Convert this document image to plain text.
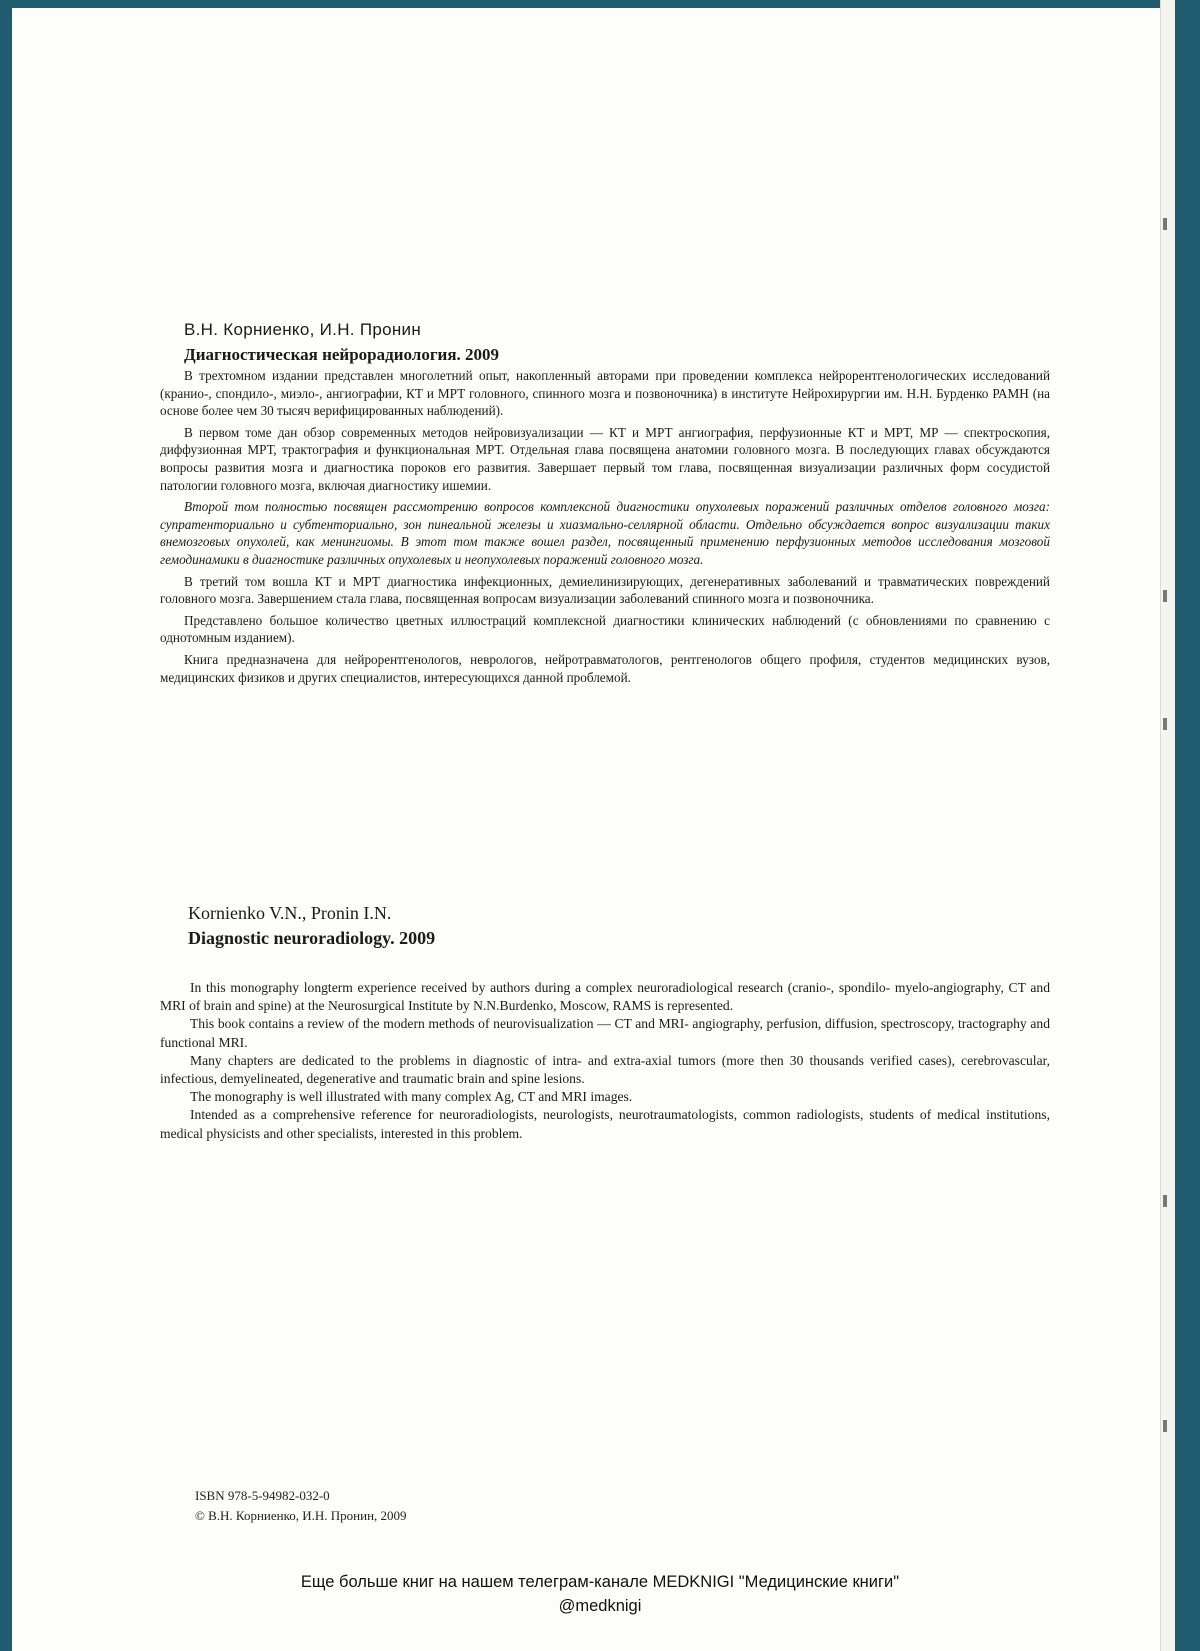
В.Н. Корниенко, И.Н. Пронин
Диагностическая нейрорадиология. 2009

В трехтомном издании представлен многолетний опыт, накопленный авторами при проведении комплекса нейрорентгенологических исследований (кранио-, спондило-, миэло-, ангиографии, КТ и МРТ головного, спинного мозга и позвоночника) в институте Нейрохирургии им. Н.Н. Бурденко РАМН (на основе более чем 30 тысяч верифицированных наблюдений).

В первом томе дан обзор современных методов нейровизуализации — КТ и МРТ ангиография, перфузионные КТ и МРТ, МР — спектроскопия, диффузионная МРТ, трактография и функциональная МРТ. Отдельная глава посвящена анатомии головного мозга. В последующих главах обсуждаются вопросы развития мозга и диагностика пороков его развития. Завершает первый том глава, посвященная визуализации различных форм сосудистой патологии головного мозга, включая диагностику ишемии.

Второй том полностью посвящен рассмотрению вопросов комплексной диагностики опухолевых поражений различных отделов головного мозга: супратенториально и субтенториально, зон пинеальной железы и хиазмально-селлярной области. Отдельно обсуждается вопрос визуализации таких внемозговых опухолей, как менингиомы. В этот том также вошел раздел, посвященный применению перфузионных методов исследования мозговой гемодинамики в диагностике различных опухолевых и неопухолевых поражений головного мозга.

В третий том вошла КТ и МРТ диагностика инфекционных, демиелинизирующих, дегенеративных заболеваний и травматических повреждений головного мозга. Завершением стала глава, посвященная вопросам визуализации заболеваний спинного мозга и позвоночника.

Представлено большое количество цветных иллюстраций комплексной диагностики клинических наблюдений (с обновлениями по сравнению с однотомным изданием).

Книга предназначена для нейрорентгенологов, неврологов, нейротравматологов, рентгенологов общего профиля, студентов медицинских вузов, медицинских физиков и других специалистов, интересующихся данной проблемой.

Kornienko V.N., Pronin I.N.
Diagnostic neuroradiology. 2009

In this monography longterm experience received by authors during a complex neuroradiological research (cranio-, spondilo- myelo-angiography, CT and MRI of brain and spine) at the Neurosurgical Institute by N.N.Burdenko, Moscow, RAMS is represented.

This book contains a review of the modern methods of neurovisualization — CT and MRI- angiography, perfusion, diffusion, spectroscopy, tractography and functional MRI.

Many chapters are dedicated to the problems in diagnostic of intra- and extra-axial tumors (more then 30 thousands verified cases), cerebrovascular, infectious, demyelineated, degenerative and traumatic brain and spine lesions.

The monography is well illustrated with many complex Ag, CT and MRI images.

Intended as a comprehensive reference for neuroradiologists, neurologists, neurotraumatologists, common radiologists, students of medical institutions, medical physicists and other specialists, interested in this problem.

ISBN 978-5-94982-032-0
© В.Н. Корниенко, И.Н. Пронин, 2009
Еще больше книг на нашем телеграм-канале MEDKNIGI "Медицинские книги"
@medknigi
